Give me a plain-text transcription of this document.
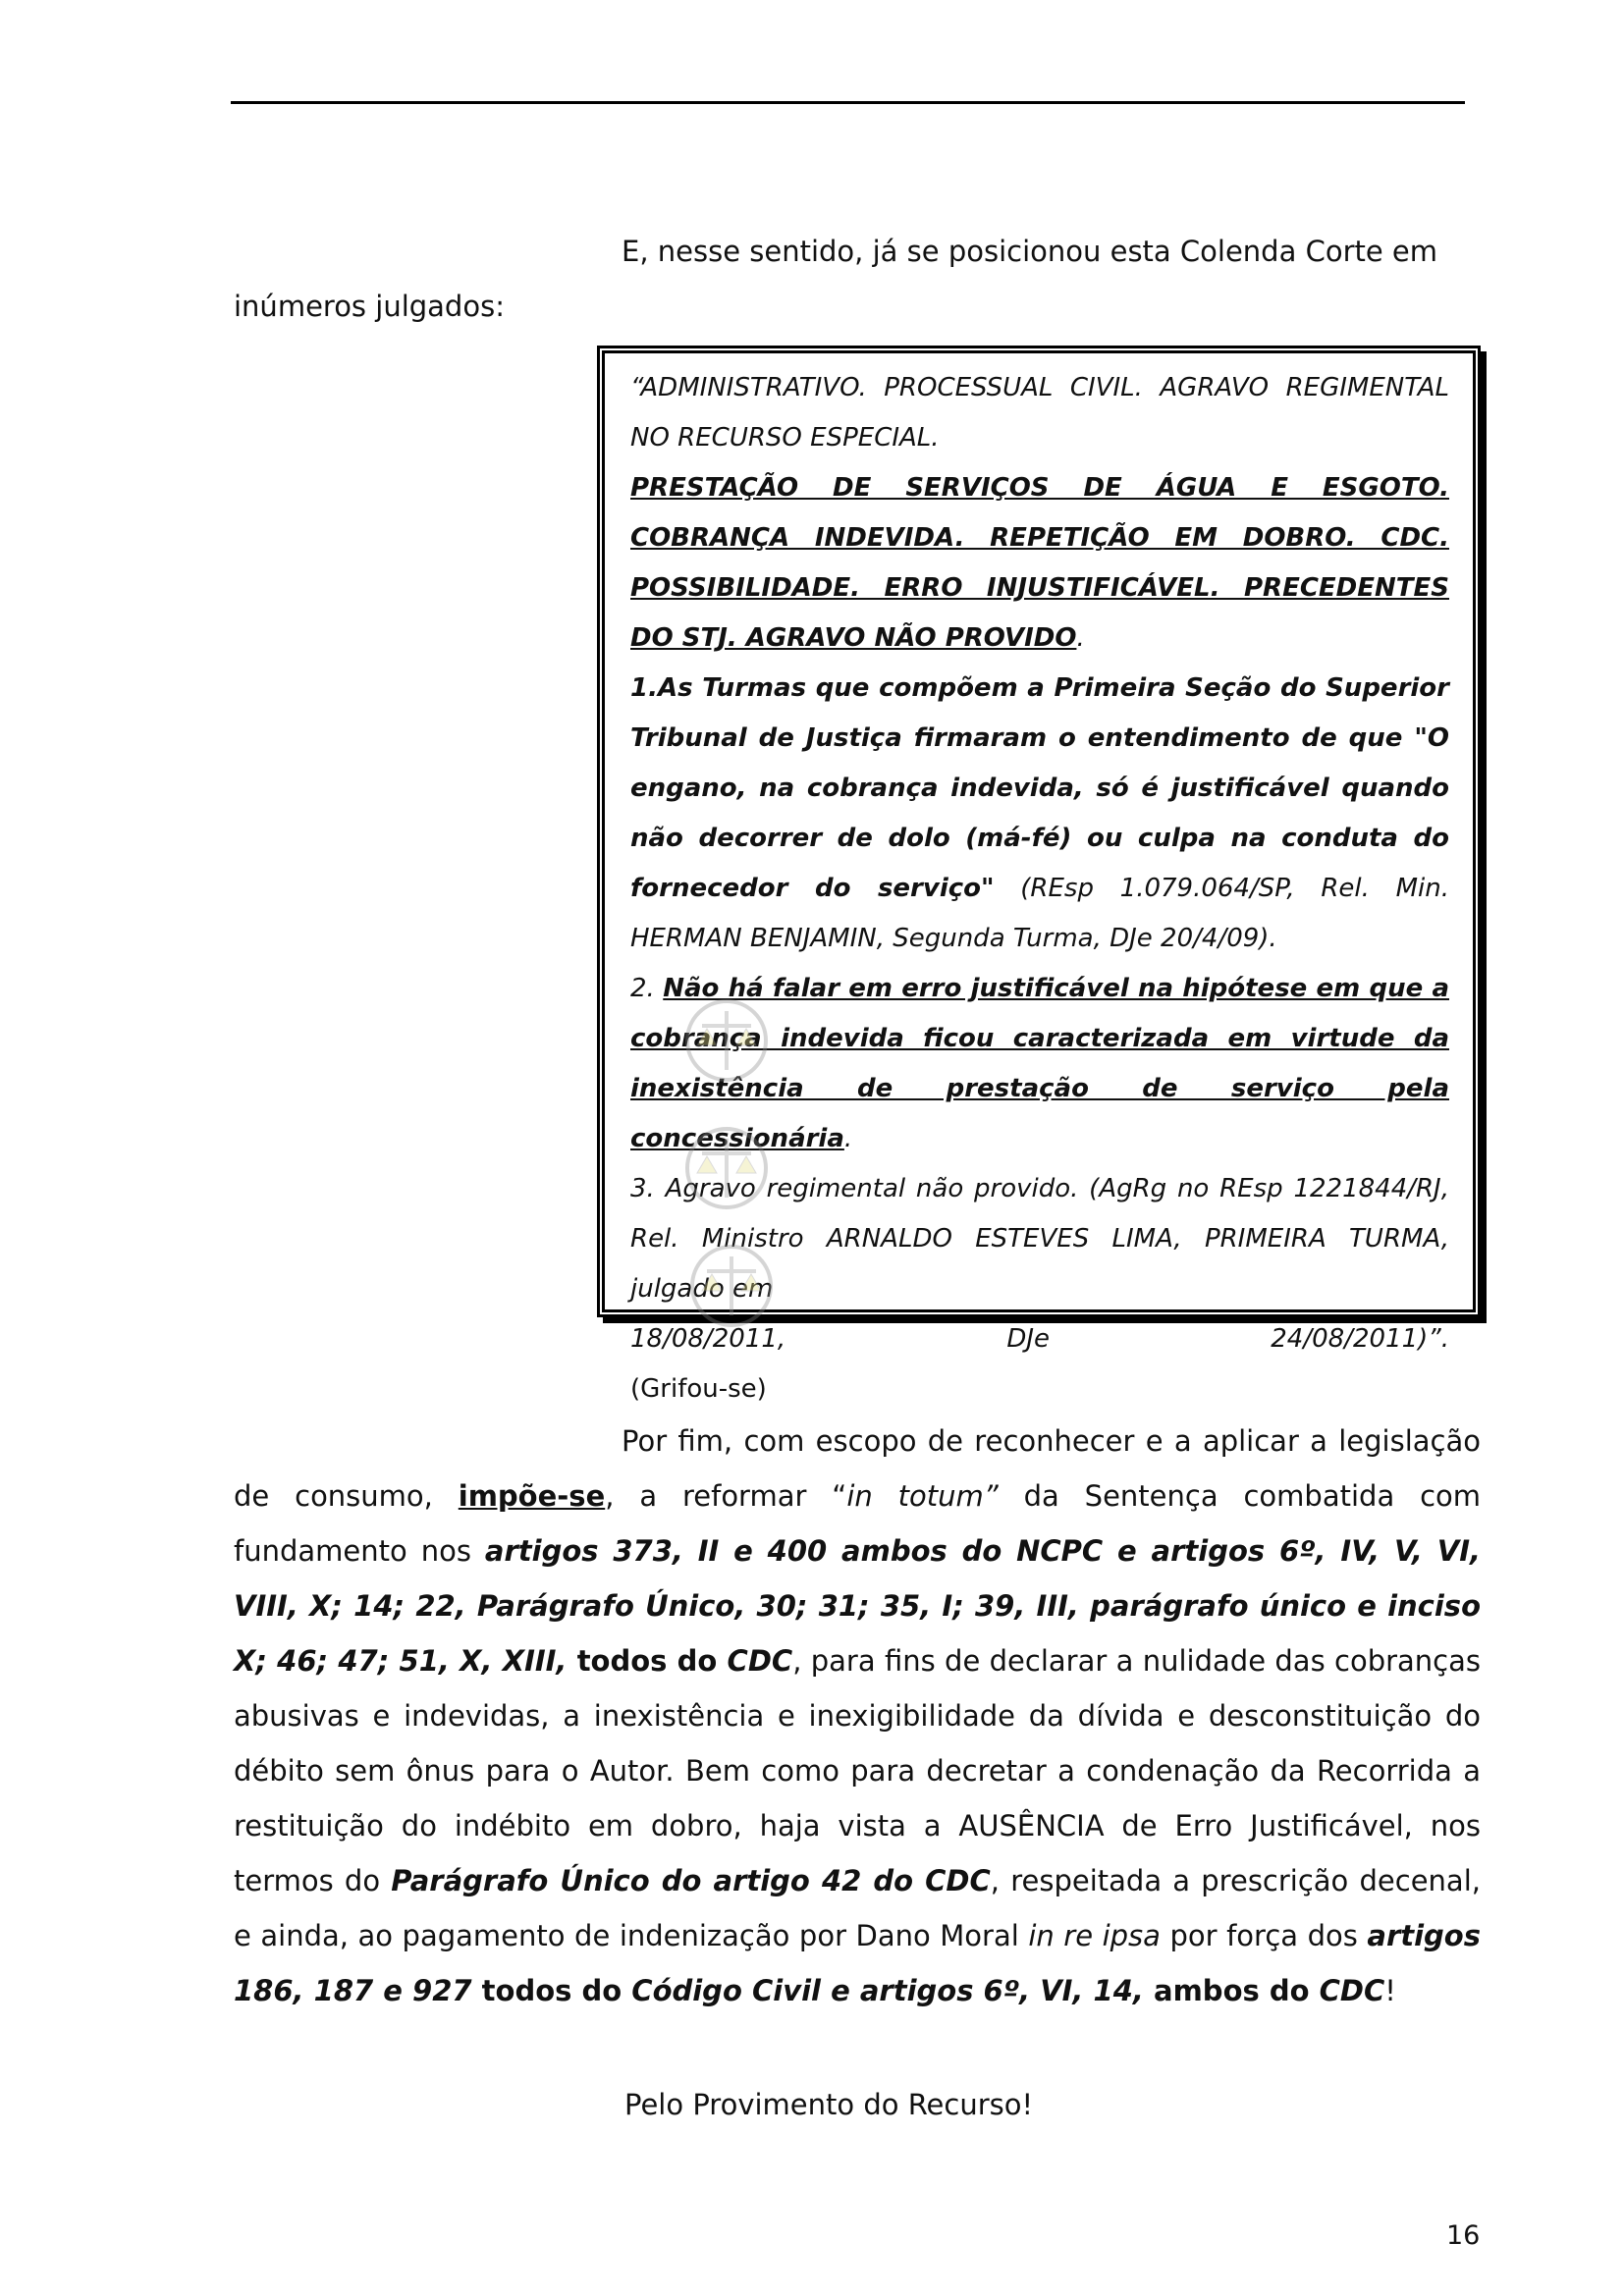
E, nesse sentido, já se posicionou esta Colenda Corte em
inúmeros julgados:

“ADMINISTRATIVO. PROCESSUAL CIVIL. AGRAVO REGIMENTAL NO RECURSO ESPECIAL.

PRESTAÇÃO DE SERVIÇOS DE ÁGUA E ESGOTO. COBRANÇA INDEVIDA. REPETIÇÃO EM DOBRO. CDC. POSSIBILIDADE. ERRO INJUSTIFICÁVEL. PRECEDENTES DO STJ. AGRAVO NÃO PROVIDO.

1.As Turmas que compõem a Primeira Seção do Superior Tribunal de Justiça firmaram o entendimento de que "O engano, na cobrança indevida, só é justificável quando não decorrer de dolo (má-fé) ou culpa na conduta do fornecedor do serviço" (REsp 1.079.064/SP, Rel. Min. HERMAN BENJAMIN, Segunda Turma, DJe 20/4/09).

2. Não há falar em erro justificável na hipótese em que a cobrança indevida ficou caracterizada em virtude da inexistência de prestação de serviço pela concessionária.

3. Agravo regimental não provido. (AgRg no REsp 1221844/RJ, Rel. Ministro ARNALDO ESTEVES LIMA, PRIMEIRA TURMA, julgado em

18/08/2011,	DJe	24/08/2011)”.

(Grifou-se)

Por fim, com escopo de reconhecer e a aplicar a legislação de consumo, impõe-se, a reformar “in totum” da Sentença combatida com fundamento nos artigos 373, II e 400 ambos do NCPC e artigos 6º, IV, V, VI, VIII, X; 14; 22, Parágrafo Único, 30; 31; 35, I; 39, III, parágrafo único e inciso X; 46; 47; 51, X, XIII, todos do CDC, para fins de declarar a nulidade das cobranças abusivas e indevidas, a inexistência e inexigibilidade da dívida e desconstituição do débito sem ônus para o Autor. Bem como para decretar a condenação da Recorrida a restituição do indébito em dobro, haja vista a AUSÊNCIA de Erro Justificável, nos termos do Parágrafo Único do artigo 42 do CDC, respeitada a prescrição decenal, e ainda, ao pagamento de indenização por Dano Moral in re ipsa por força dos artigos 186, 187 e 927 todos do Código Civil e artigos 6º, VI, 14, ambos do CDC!

Pelo Provimento do Recurso!

16
